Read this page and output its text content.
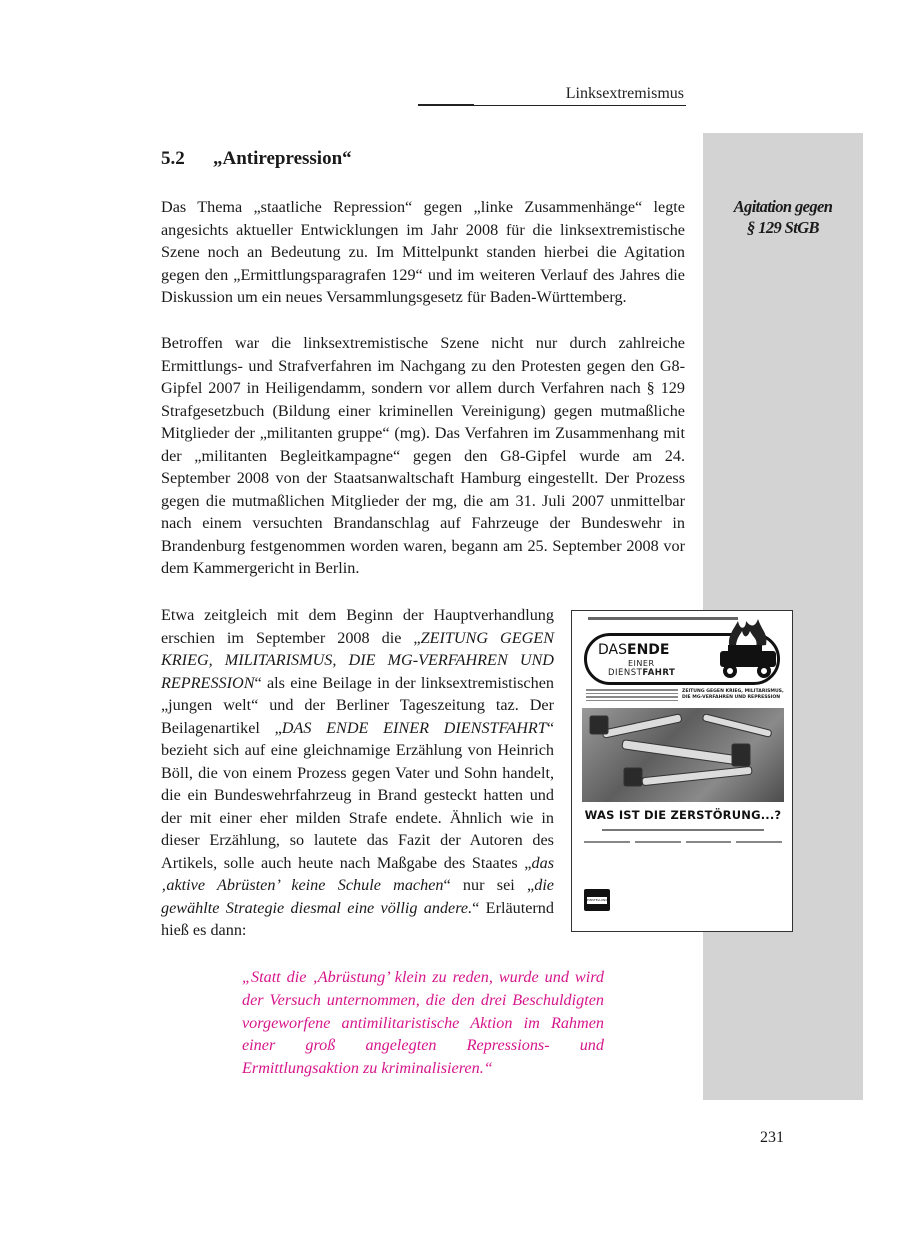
Linksextremismus
5.2 „Antirepression“
Agitation gegen
§ 129 StGB

Das Thema „staatliche Repression“ gegen „linke Zusammenhänge“ legte angesichts aktueller Entwicklungen im Jahr 2008 für die linksextremistische Szene noch an Bedeutung zu. Im Mittelpunkt standen hierbei die Agitation gegen den „Ermittlungsparagrafen 129“ und im weiteren Verlauf des Jahres die Diskussion um ein neues Versammlungsgesetz für Baden-Württemberg.

Betroffen war die linksextremistische Szene nicht nur durch zahlreiche Ermittlungs- und Strafverfahren im Nachgang zu den Protesten gegen den G8-Gipfel 2007 in Heiligendamm, sondern vor allem durch Verfahren nach § 129 Strafgesetzbuch (Bildung einer kriminellen Vereinigung) gegen mutmaßliche Mitglieder der „militanten gruppe“ (mg). Das Verfahren im Zusammenhang mit der „militanten Begleitkampagne“ gegen den G8-Gipfel wurde am 24. September 2008 von der Staatsanwaltschaft Hamburg eingestellt. Der Prozess gegen die mutmaßlichen Mitglieder der mg, die am 31. Juli 2007 unmittelbar nach einem versuchten Brandanschlag auf Fahrzeuge der Bundeswehr in Brandenburg festgenommen worden waren, begann am 25. September 2008 vor dem Kammergericht in Berlin.

Etwa zeitgleich mit dem Beginn der Hauptverhandlung erschien im September 2008 die „ZEITUNG GEGEN KRIEG, MILITARISMUS, DIE MG-VERFAHREN UND REPRESSION“ als eine Beilage in der linksextremistischen „jungen welt“ und der Berliner Tageszeitung taz. Der Beilagenartikel „DAS ENDE EINER DIENSTFAHRT“ bezieht sich auf eine gleichnamige Erzählung von Heinrich Böll, die von einem Prozess gegen Vater und Sohn handelt, die ein Bundeswehrfahrzeug in Brand gesteckt hatten und der mit einer eher milden Strafe endete. Ähnlich wie in dieser Erzählung, so lautete das Fazit der Autoren des Artikels, solle auch heute nach Maßgabe des Staates „das ‚aktive Abrüsten’ keine Schule machen“ nur sei „die gewählte Strategie diesmal eine völlig andere.“ Erläuternd hieß es dann:

DASENDE
EINER
DIENSTFAHRT
ZEITUNG GEGEN KRIEG, MILITARISMUS, DIE MG-VERFAHREN UND REPRESSION
WAS IST DIE ZERSTÖRUNG...?
EINSTELLUNG!

„Statt die ‚Abrüstung’ klein zu reden, wurde und wird der Versuch unternommen, die den drei Beschuldigten vorgeworfene antimilitaristische Aktion im Rahmen einer groß angelegten Repressions- und Ermittlungsaktion zu kriminalisieren.“

231
